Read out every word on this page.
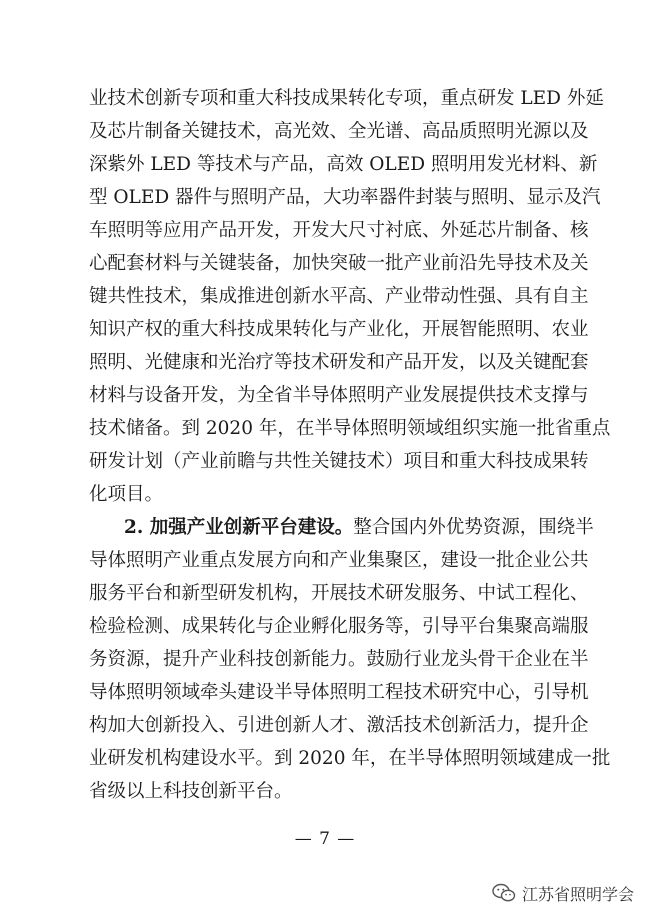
业技术创新专项和重大科技成果转化专项，重点研发 LED 外延
及芯片制备关键技术，高光效、全光谱、高品质照明光源以及
深紫外 LED 等技术与产品，高效 OLED 照明用发光材料、新
型 OLED 器件与照明产品，大功率器件封装与照明、显示及汽
车照明等应用产品开发，开发大尺寸衬底、外延芯片制备、核
心配套材料与关键装备，加快突破一批产业前沿先导技术及关
键共性技术，集成推进创新水平高、产业带动性强、具有自主
知识产权的重大科技成果转化与产业化，开展智能照明、农业
照明、光健康和光治疗等技术研发和产品开发，以及关键配套
材料与设备开发，为全省半导体照明产业发展提供技术支撑与
技术储备。到 2020 年，在半导体照明领域组织实施一批省重点
研发计划（产业前瞻与共性关键技术）项目和重大科技成果转
化项目。
2. 加强产业创新平台建设。整合国内外优势资源，围绕半
导体照明产业重点发展方向和产业集聚区，建设一批企业公共
服务平台和新型研发机构，开展技术研发服务、中试工程化、
检验检测、成果转化与企业孵化服务等，引导平台集聚高端服
务资源，提升产业科技创新能力。鼓励行业龙头骨干企业在半
导体照明领域牵头建设半导体照明工程技术研究中心，引导机
构加大创新投入、引进创新人才、激活技术创新活力，提升企
业研发机构建设水平。到 2020 年，在半导体照明领域建成一批
省级以上科技创新平台。
— 7 —
江苏省照明学会
